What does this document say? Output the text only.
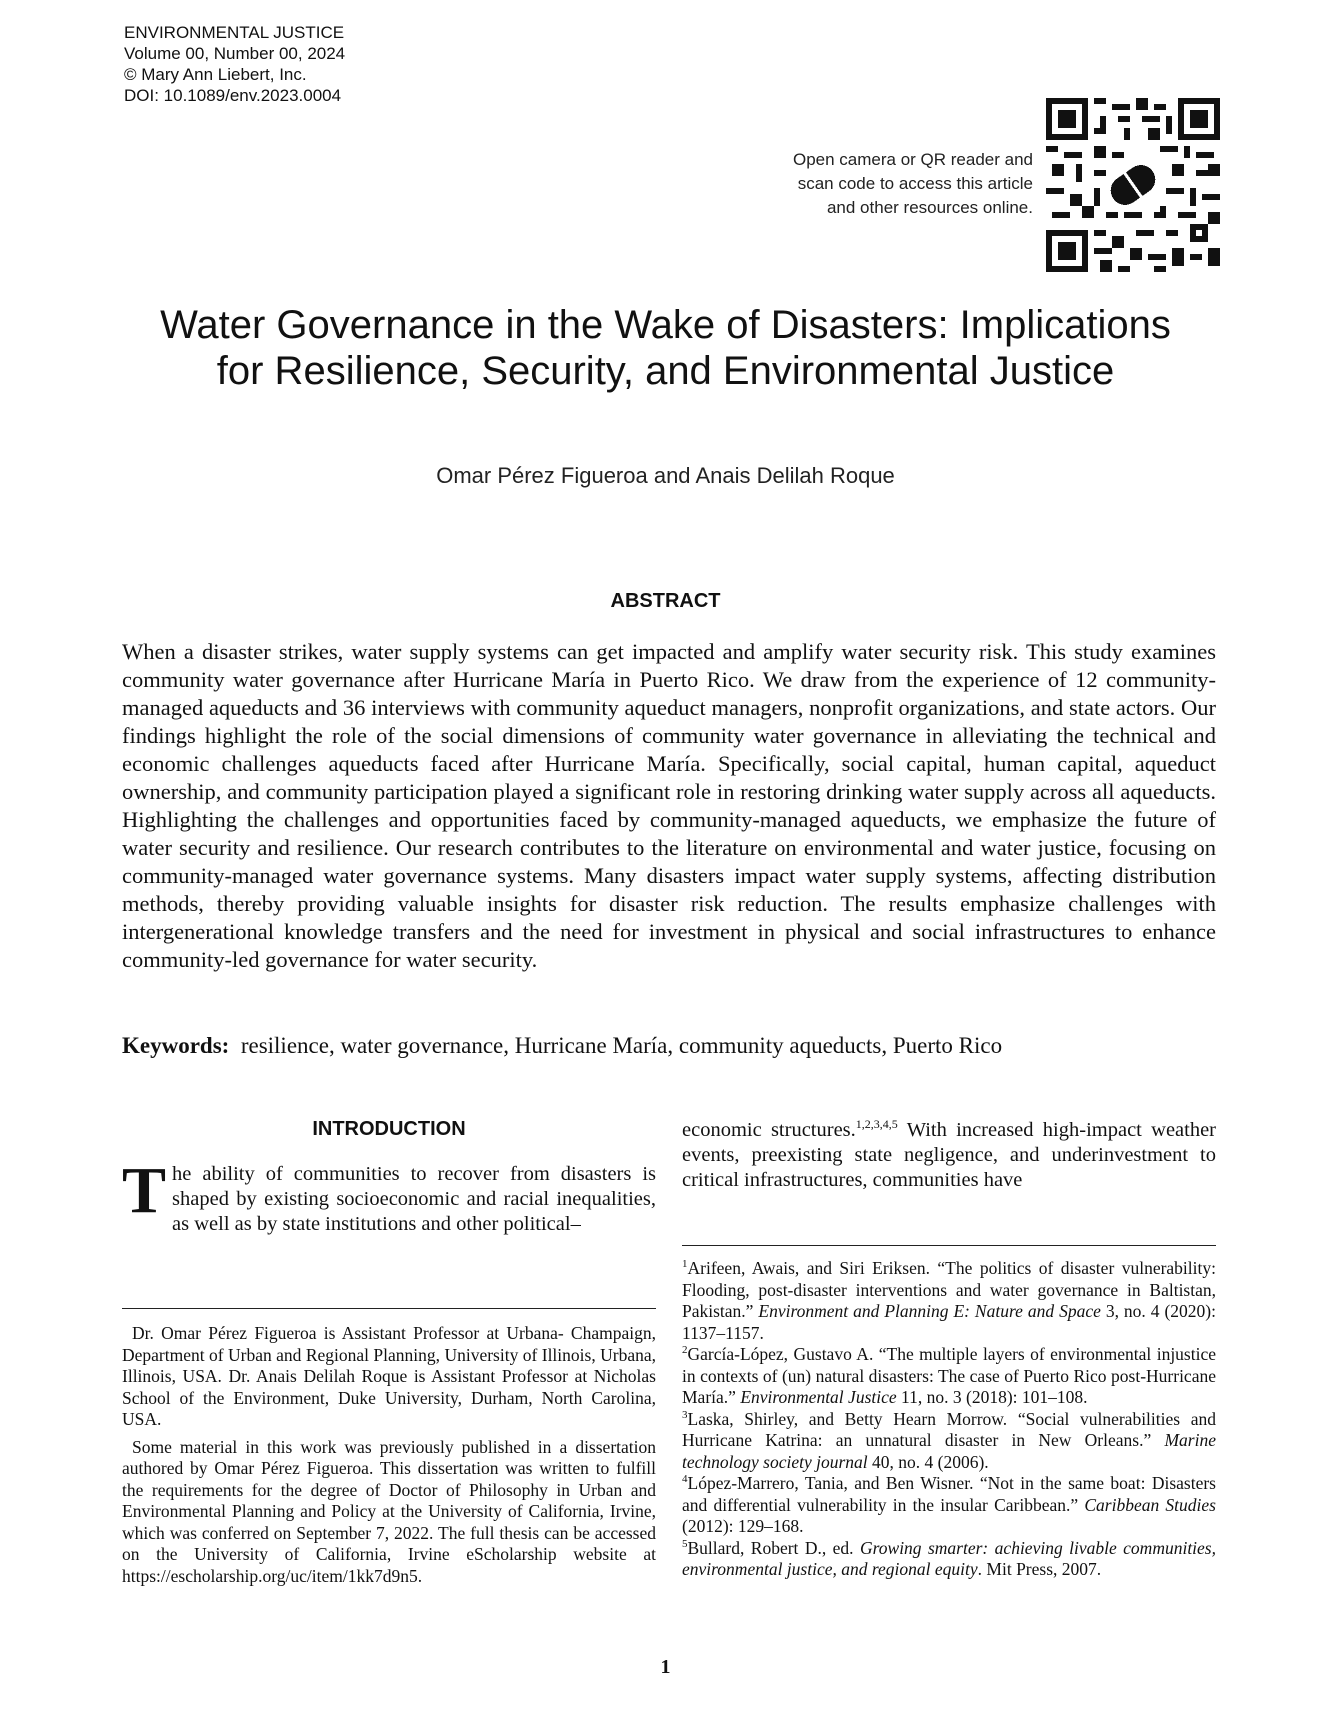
ENVIRONMENTAL JUSTICE
Volume 00, Number 00, 2024
© Mary Ann Liebert, Inc.
DOI: 10.1089/env.2023.0004
Open camera or QR reader and
scan code to access this article
and other resources online.
Water Governance in the Wake of Disasters: Implications
for Resilience, Security, and Environmental Justice
Omar Pérez Figueroa and Anais Delilah Roque
ABSTRACT

When a disaster strikes, water supply systems can get impacted and amplify water security risk. This study examines community water governance after Hurricane María in Puerto Rico. We draw from the experience of 12 community-managed aqueducts and 36 interviews with community aqueduct managers, nonprofit organizations, and state actors. Our findings highlight the role of the social dimensions of community water governance in alleviating the technical and economic challenges aqueducts faced after Hurricane María. Specifically, social capital, human capital, aqueduct ownership, and community participation played a significant role in restoring drinking water supply across all aqueducts. Highlighting the challenges and opportunities faced by community-managed aqueducts, we emphasize the future of water security and resilience. Our research contributes to the literature on environmental and water justice, focusing on community-managed water governance systems. Many disasters impact water supply systems, affecting distribution methods, thereby providing valuable insights for disaster risk reduction. The results emphasize challenges with intergenerational knowledge transfers and the need for investment in physical and social infrastructures to enhance community-led governance for water security.

Keywords: resilience, water governance, Hurricane María, community aqueducts, Puerto Rico
INTRODUCTION

The ability of communities to recover from disasters is shaped by existing socioeconomic and racial inequalities, as well as by state institutions and other political–

economic structures.$^{1,2,3,4,5}$ With increased high-impact weather events, preexisting state negligence, and underinvestment to critical infrastructures, communities have

Dr. Omar Pérez Figueroa is Assistant Professor at Urbana- Champaign, Department of Urban and Regional Planning, University of Illinois, Urbana, Illinois, USA. Dr. Anais Delilah Roque is Assistant Professor at Nicholas School of the Environment, Duke University, Durham, North Carolina, USA.

Some material in this work was previously published in a dissertation authored by Omar Pérez Figueroa. This dissertation was written to fulfill the requirements for the degree of Doctor of Philosophy in Urban and Environmental Planning and Policy at the University of California, Irvine, which was conferred on September 7, 2022. The full thesis can be accessed on the University of California, Irvine eScholarship website at https://escholarship.org/uc/item/1kk7d9n5.

$^1$Arifeen, Awais, and Siri Eriksen. “The politics of disaster vulnerability: Flooding, post-disaster interventions and water governance in Baltistan, Pakistan.” Environment and Planning E: Nature and Space 3, no. 4 (2020): 1137–1157.

$^2$García-López, Gustavo A. “The multiple layers of environmental injustice in contexts of (un) natural disasters: The case of Puerto Rico post-Hurricane María.” Environmental Justice 11, no. 3 (2018): 101–108.

$^3$Laska, Shirley, and Betty Hearn Morrow. “Social vulnerabilities and Hurricane Katrina: an unnatural disaster in New Orleans.” Marine technology society journal 40, no. 4 (2006).

$^4$López-Marrero, Tania, and Ben Wisner. “Not in the same boat: Disasters and differential vulnerability in the insular Caribbean.” Caribbean Studies (2012): 129–168.

$^5$Bullard, Robert D., ed. Growing smarter: achieving livable communities, environmental justice, and regional equity. Mit Press, 2007.

1
